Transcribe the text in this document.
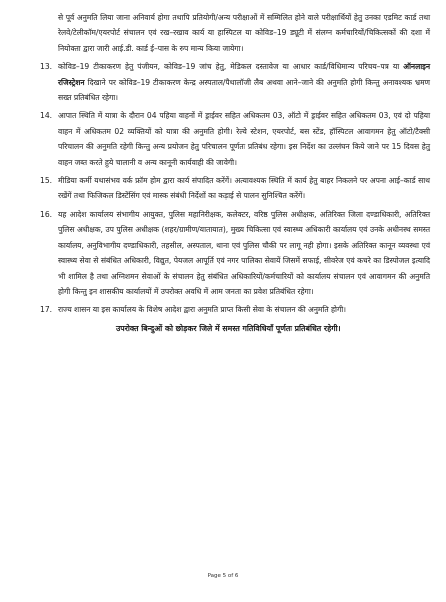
से पूर्व अनुमति लिया जाना अनिवार्य होगा तथापि प्रतियोगी/अन्य परीक्षाओं में सम्मिलित होने वाले परीक्षार्थियों हेतु उनका एडमिट कार्ड तथा रेलवे/टेलीकॉम/एयरपोर्ट संचालन एवं रख–रखाव कार्य या हास्पिटल या कोविड–19 ड्यूटी में संलग्न कर्मचारियों/चिकित्सकों की दशा में नियोक्ता द्वारा जारी आई.डी. कार्ड ई–पास के रुप मान्य किया जायेगा।

13. कोविड–19 टीकाकरण हेतु पंजीयन, कोविड–19 जांच हेतु, मेडिकल दस्तावेज या आधार कार्ड/विधिमान्य परिचय–पत्र या ऑनलाइन रजिस्ट्रेशन दिखाने पर कोविड–19 टीकाकरण केन्द्र अस्पताल/पैथालॉजी लैब अथवा आने–जाने की अनुमति होगी किन्तु अनावश्यक भ्रमण सख्त प्रतिबंधित रहेगा।

14. आपात स्थिति में यात्रा के दौरान 04 पहिया वाहनों में ड्राईवर सहित अधिकतम 03, ऑटो में ड्राईवर सहित अधिकतम 03, एवं दो पहिया वाहन में अधिकतम 02 व्यक्तियों को यात्रा की अनुमति होगी। रेल्वे स्टेशन, एयरपोर्ट, बस स्टेंड, हॉस्पिटल आवागमन हेतु ऑटो/टैक्सी परिचालन की अनुमति रहेगी किन्तु अन्य प्रयोजन हेतु परिचालन पूर्णतः प्रतिबंध रहेगा। इस निर्देश का उल्लंघन किये जाने पर 15 दिवस हेतु वाहन जब्त करते हुये चालानी व अन्य कानूनी कार्यवाही की जावेगी।

15. मीडिया कर्मी यथासंभव वर्क फ्रॉम होम द्वारा कार्य संपादित करेंगें। अत्यावश्यक स्थिति में कार्य हेतु बाहर निकलने पर अपना आई–कार्ड साथ रखेंगें तथा फिजिकल डिस्टेंसिंग एवं मास्क संबंधी निर्देशों का कड़ाई से पालन सुनिश्चित करेंगें।

16. यह आदेश कार्यालय संभागीय आयुक्त, पुलिस महानिरीक्षक, कलेक्टर, वरिष्ठ पुलिस अधीक्षक, अतिरिक्त जिला दण्डाधिकारी, अतिरिक्त पुलिस अधीक्षक, उप पुलिस अधीक्षक (शहर/ग्रामीण/यातायात), मुख्य चिकित्सा एवं स्वास्थ्य अधिकारी कार्यालय एवं उनके अधीनस्थ समस्त कार्यालय, अनुविभागीय दण्डाधिकारी, तहसील, अस्पताल, थाना एवं पुलिस चौकी पर लागू नही होगा। इसके अतिरिक्त कानून व्यवस्था एवं स्वास्थ्य सेवा से संबंधित अधिकारी, विद्युत, पेयजल आपूर्ति एवं नगर पालिका सेवायें जिसमें सफाई, सीवरेज एवं कचरे का डिस्पोजल इत्यादि भी शामिल है तथा अग्निशमन सेवाओं के संचालन हेतु संबंधित अधिकारियों/कर्मचारियों को कार्यालय संचालन एवं आवागमन की अनुमति होगी किन्तु इन शासकीय कार्यालयों में उपरोक्त अवधि में आम जनता का प्रवेश प्रतिबंधित रहेगा।

17. राज्य शासन या इस कार्यालय के विशेष आदेश द्वारा अनुमति प्राप्त किसी सेवा के संचालन की अनुमति होगी।

उपरोक्त बिन्दुओं को छोड़कर जिले में समस्त गतिविधियाँ पूर्णतः प्रतिबंधित रहेगी।

Page 5 of 6
